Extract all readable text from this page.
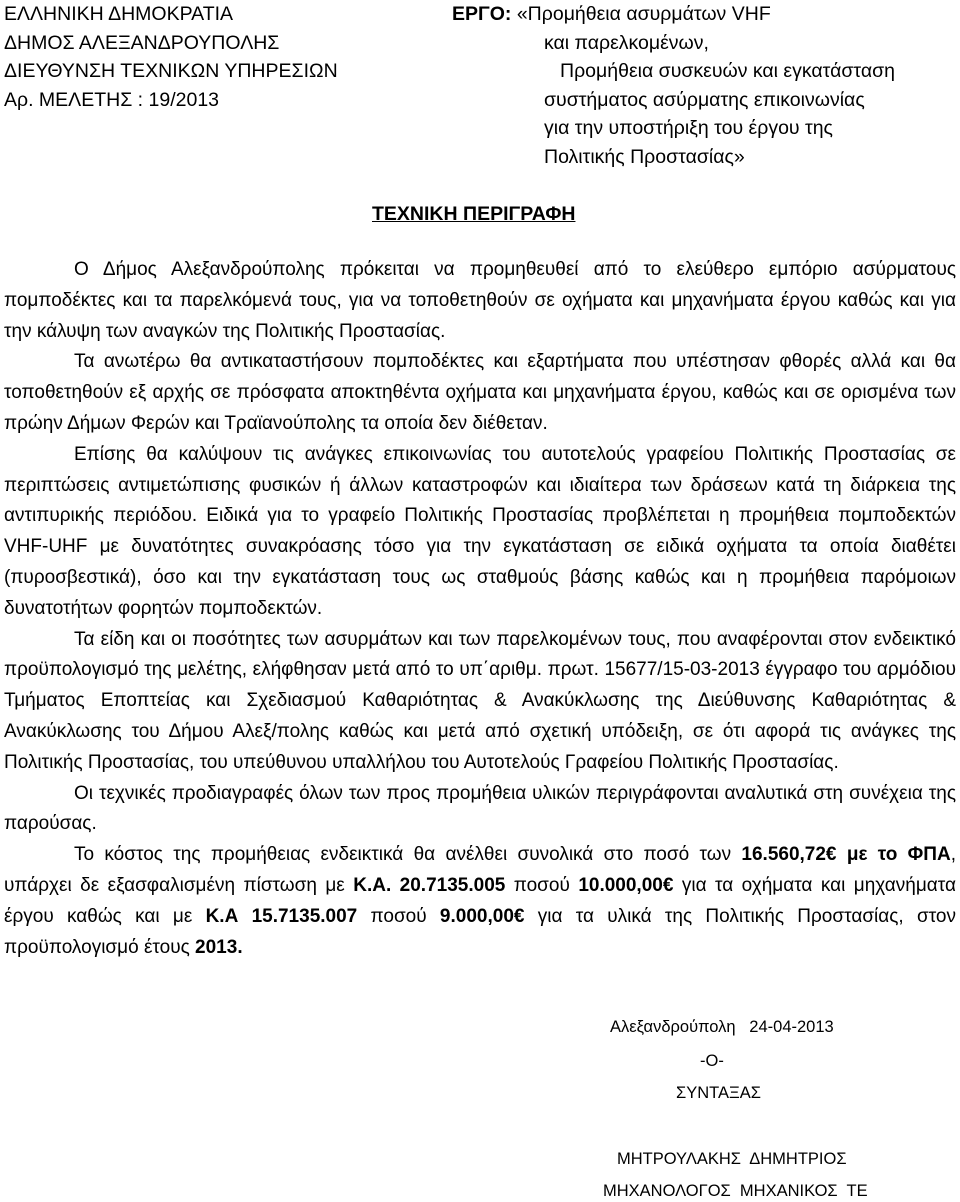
ΕΛΛΗΝΙΚΗ ΔΗΜΟΚΡΑΤΙΑ
ΔΗΜΟΣ ΑΛΕΞΑΝΔΡΟΥΠΟΛΗΣ
ΔΙΕΥΘΥΝΣΗ ΤΕΧΝΙΚΩΝ ΥΠΗΡΕΣΙΩΝ
Αρ. ΜΕΛΕΤΗΣ : 19/2013
ΕΡΓΟ: «Προμήθεια ασυρμάτων VHF
και παρελκομένων,
Προμήθεια συσκευών και εγκατάσταση
συστήματος ασύρματης επικοινωνίας
για την υποστήριξη του έργου της
Πολιτικής Προστασίας»
ΤΕΧΝΙΚΗ ΠΕΡΙΓΡΑΦΗ

Ο Δήμος Αλεξανδρούπολης πρόκειται να προμηθευθεί από το ελεύθερο εμπόριο ασύρματους πομποδέκτες και τα παρελκόμενά τους, για να τοποθετηθούν σε οχήματα και μηχανήματα έργου καθώς και για την κάλυψη των αναγκών της Πολιτικής Προστασίας.

Τα ανωτέρω θα αντικαταστήσουν πομποδέκτες και εξαρτήματα που υπέστησαν φθορές αλλά και θα τοποθετηθούν εξ αρχής σε πρόσφατα αποκτηθέντα οχήματα και μηχανήματα έργου, καθώς και σε ορισμένα των πρώην Δήμων Φερών και Τραϊανούπολης τα οποία δεν διέθεταν.

Επίσης θα καλύψουν τις ανάγκες επικοινωνίας του αυτοτελούς γραφείου Πολιτικής Προστασίας σε περιπτώσεις αντιμετώπισης φυσικών ή άλλων καταστροφών και ιδιαίτερα των δράσεων κατά τη διάρκεια της αντιπυρικής περιόδου. Ειδικά για το γραφείο Πολιτικής Προστασίας προβλέπεται η προμήθεια πομποδεκτών VHF-UHF με δυνατότητες συνακρόασης τόσο για την εγκατάσταση σε ειδικά οχήματα τα οποία διαθέτει (πυροσβεστικά), όσο και την εγκατάσταση τους ως σταθμούς βάσης καθώς και η προμήθεια παρόμοιων δυνατοτήτων φορητών πομποδεκτών.

Τα είδη και οι ποσότητες των ασυρμάτων και των παρελκομένων τους, που αναφέρονται στον ενδεικτικό προϋπολογισμό της μελέτης, ελήφθησαν μετά από το υπ΄αριθμ. πρωτ. 15677/15-03-2013 έγγραφο του αρμόδιου Τμήματος Εποπτείας και Σχεδιασμού Καθαριότητας & Ανακύκλωσης της Διεύθυνσης Καθαριότητας & Ανακύκλωσης του Δήμου Αλεξ/πολης καθώς και μετά από σχετική υπόδειξη, σε ότι αφορά τις ανάγκες της Πολιτικής Προστασίας, του υπεύθυνου υπαλλήλου του Αυτοτελούς Γραφείου Πολιτικής Προστασίας.

Οι τεχνικές προδιαγραφές όλων των προς προμήθεια υλικών περιγράφονται αναλυτικά στη συνέχεια της παρούσας.

Το κόστος της προμήθειας ενδεικτικά θα ανέλθει συνολικά στο ποσό των 16.560,72€ με το ΦΠΑ, υπάρχει δε εξασφαλισμένη πίστωση με Κ.Α. 20.7135.005 ποσού 10.000,00€ για τα οχήματα και μηχανήματα έργου καθώς και με Κ.Α 15.7135.007 ποσού 9.000,00€ για τα υλικά της Πολιτικής Προστασίας, στον προϋπολογισμό έτους 2013.

Αλεξανδρούπολη   24-04-2013
-Ο-
ΣΥΝΤΑΞΑΣ
ΜΗΤΡΟΥΛΑΚΗΣ  ΔΗΜΗΤΡΙΟΣ
ΜΗΧΑΝΟΛΟΓΟΣ  ΜΗΧΑΝΙΚΟΣ  ΤΕ
